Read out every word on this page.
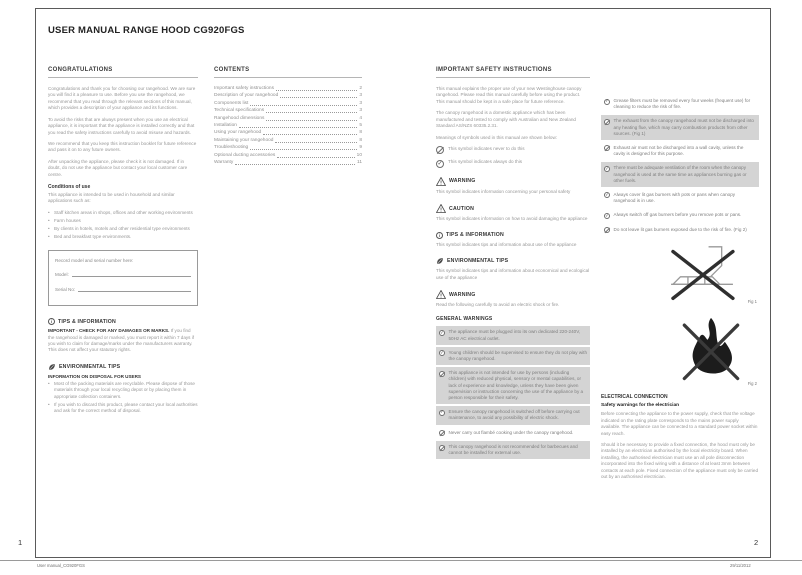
USER MANUAL RANGE HOOD CG920FGS
CONGRATULATIONS

Congratulations and thank you for choosing our rangehood. We are sure you will find it a pleasure to use. Before you use the rangehood, we recommend that you read through the relevant sections of this manual, which provides a description of your appliance and its functions.

To avoid the risks that are always present when you use an electrical appliance, it is important that the appliance is installed correctly and that you read the safety instructions carefully to avoid misuse and hazards.

We recommend that you keep this instruction booklet for future reference and pass it on to any future owners.

After unpacking the appliance, please check it is not damaged. If in doubt, do not use the appliance but contact your local customer care centre.

Conditions of use

This appliance is intended to be used in household and similar applications such as:

• Staff kitchen areas in shops, offices and other working environments
• Farm houses
• By clients in hotels, motels and other residential type environments
• Bed and breakfast type environments.
Record model and serial number here:
Model:
Serial No:
i	TIPS & INFORMATION

IMPORTANT - CHECK FOR ANY DAMAGES OR MARKS. If you find the rangehood is damaged or marked, you must report it within 7 days if you wish to claim for damage/marks under the manufacturers warranty. This does not affect your statutory rights.

ENVIRONMENTAL TIPS
INFORMATION ON DISPOSAL FOR USERS
• Most of the packing materials are recyclable. Please dispose of those materials through your local recycling depot or by placing them in appropriate collection containers.
• If you wish to discard this product, please contact your local authorities and ask for the correct method of disposal.
CONTENTS
Important safety instructions	2
Description of your rangehood	3
Components list	3
Technical specifications	3
Rangehood dimensions	4
Installation	5
Using your rangehood	8
Maintaining your rangehood	8
Troubleshooting	9
Optional ducting accessories	10
Warranty	11
IMPORTANT SAFETY INSTRUCTIONS

This manual explains the proper use of your new Westinghouse canopy rangehood. Please read this manual carefully before using the product. This manual should be kept in a safe place for future reference.

The canopy rangehood is a domestic appliance which has been manufactured and tested to comply with Australian and New Zealand Standard AS/NZS 60335.2.31.

Meanings of symbols used in this manual are shown below:

This symbol indicates never to do this
✓
This symbol indicates always do this
! WARNING

This symbol indicates information concerning your personal safety

! CAUTION

This symbol indicates information on how to avoid damaging the appliance

i	TIPS & INFORMATION

This symbol indicates tips and information about use of the appliance

ENVIRONMENTAL TIPS

This symbol indicates tips and information about economical and ecological use of the appliance

! WARNING

Read the following carefully to avoid an electric shock or fire.

GENERAL WARNINGS
✓
The appliance must be plugged into its own dedicated 220-240V, 50Hz AC electrical outlet.
✓
Young children should be supervised to ensure they do not play with the canopy rangehood.
This appliance is not intended for use by persons (including children) with reduced physical, sensory or mental capabilities, or lack of experience and knowledge, unless they have been given supervision or instruction concerning the use of the appliance by a person responsible for their safety.
✓
Ensure the canopy rangehood is switched off before carrying out maintenance, to avoid any possibility of electric shock.
Never carry out flambé cooking under the canopy rangehood.
This canopy rangehood is not recommended for barbecues and cannot be installed for external use.
✓
Grease filters must be removed every four weeks (frequent use) for cleaning to reduce the risk of fire.
The exhaust from the canopy rangehood must not be discharged into any heating flue, which may carry combustion products from other sources. (Fig 1)
Exhaust air must not be discharged into a wall cavity, unless the cavity is designed for this purpose.
✓
There must be adequate ventilation of the room when the canopy rangehood is used at the same time as appliances burning gas or other fuels.
✓
Always cover lit gas burners with pots or pans when canopy rangehood is in use.
✓
Always switch off gas burners before you remove pots or pans.
Do not leave lit gas burners exposed due to the risk of fire. (Fig 2)
Fig 1
Fig 2
ELECTRICAL CONNECTION
Safety warnings for the electrician

Before connecting the appliance to the power supply, check that the voltage indicated on the rating plate corresponds to the mains power supply available. The appliance can be connected to a standard power socket within easy reach.

Should it be necessary to provide a fixed connection, the hood must only be installed by an electrician authorised by the local electricity board. When installing, the authorised electrician must use an all pole disconnection incorporated into the fixed wiring with a distance of at least 3mm between contacts at each pole. Fixed connection of the appliance must only be carried out by an authorised electrician.

1	2
User manual_CG920FGS	29/11/2012
